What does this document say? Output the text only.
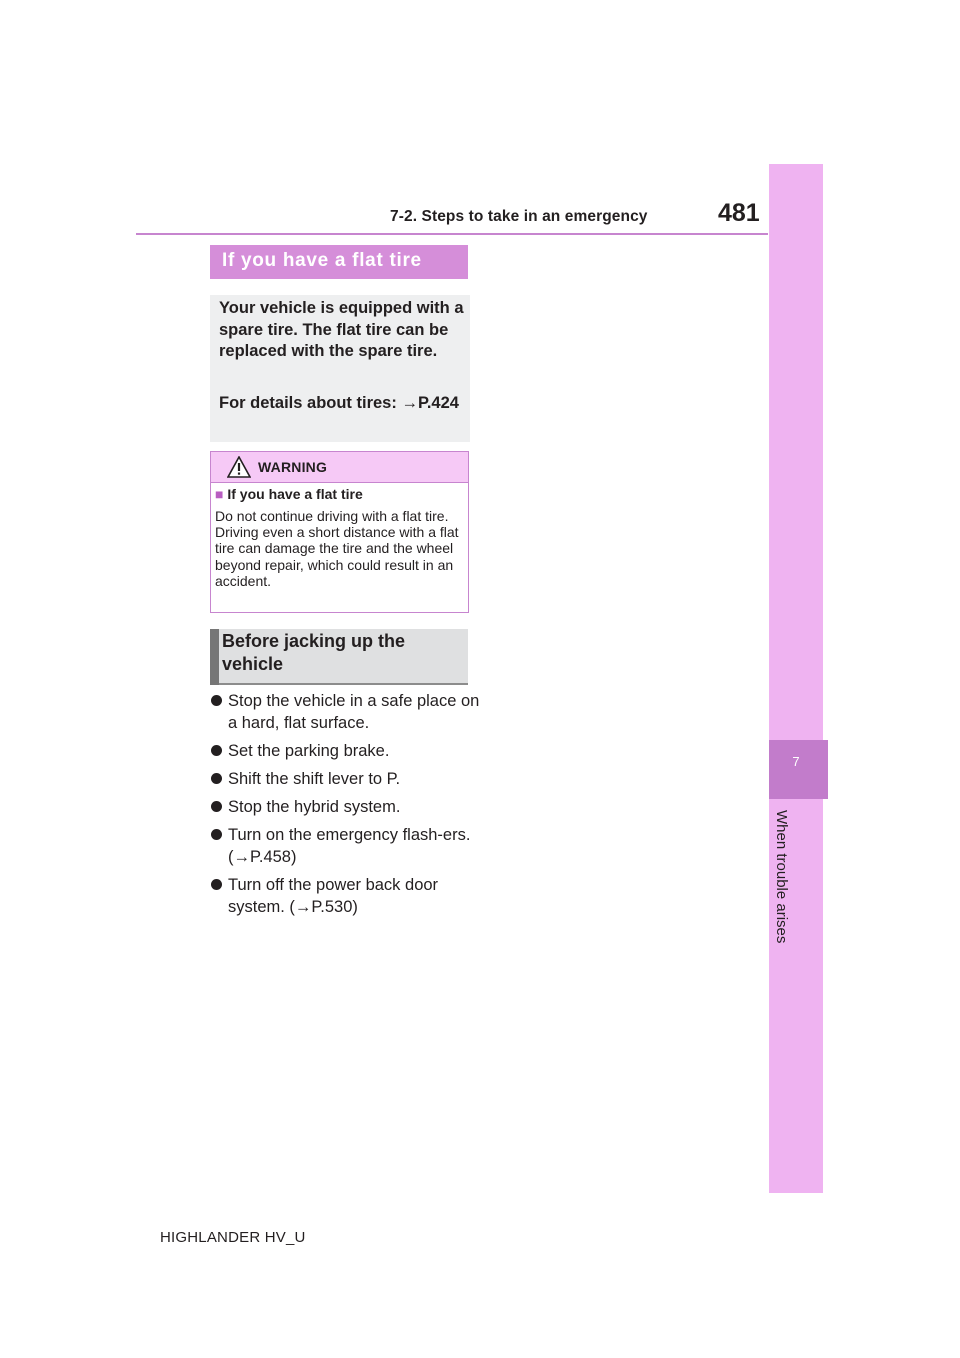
7-2. Steps to take in an emergency	481
7
When trouble arises
If you have a flat tire
Your vehicle is equipped with a spare tire. The flat tire can be replaced with the spare tire.
For details about tires: →P.424
WARNING
■ If you have a flat tire

Do not continue driving with a flat tire.

Driving even a short distance with a flat tire can damage the tire and the wheel beyond repair, which could result in an accident.

Before jacking up the vehicle
Stop the vehicle in a safe place on a hard, flat surface.
Set the parking brake.
Shift the shift lever to P.
Stop the hybrid system.
Turn on the emergency flash-ers. (→P.458)
Turn off the power back door system. (→P.530)
HIGHLANDER HV_U
